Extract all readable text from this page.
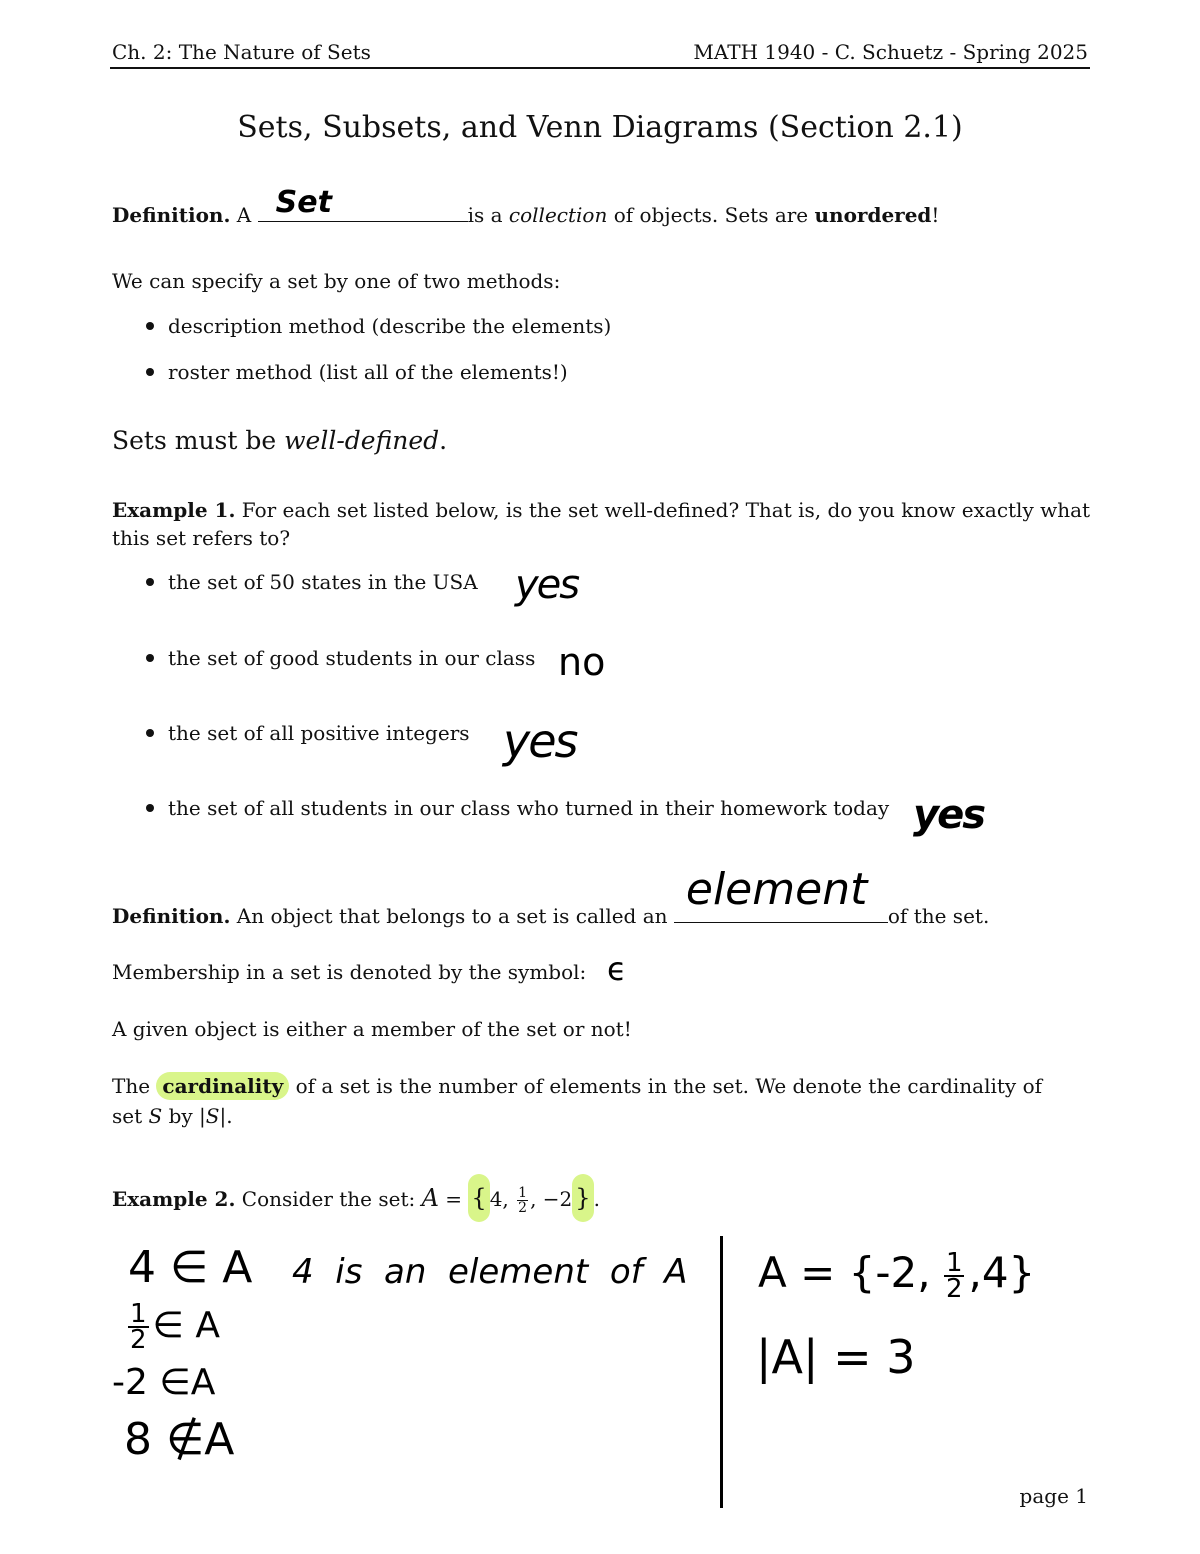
Ch. 2: The Nature of Sets	MATH 1940 - C. Schuetz - Spring 2025
Sets, Subsets, and Venn Diagrams (Section 2.1)
Definition. A Set	is a collection of objects. Sets are unordered!
We can specify a set by one of two methods:
description method (describe the elements)
roster method (list all of the elements!)
Sets must be well-defined.
Example 1. For each set listed below, is the set well-defined? That is, do you know exactly what
this set refers to?
the set of 50 states in the USA yes
the set of good students in our class no
the set of all positive integers yes
the set of all students in our class who turned in their homework today yes
Definition. An object that belongs to a set is called an
element
of the set.
Membership in a set is denoted by the symbol: ϵ
A given object is either a member of the set or not!
The cardinality of a set is the number of elements in the set. We denote the cardinality of
set S by |S|.
Example 2. Consider the set: A = { 4, $\frac{1}{2}$ , −2 } .
4 ∈ A 4  is  an  element  of  A
$\frac{1}{2}$ ∈ A
-2 ∈A
8 ∉A
A = {-2, $\frac{1}{2} ,4$}
|A| = 3
page 1
